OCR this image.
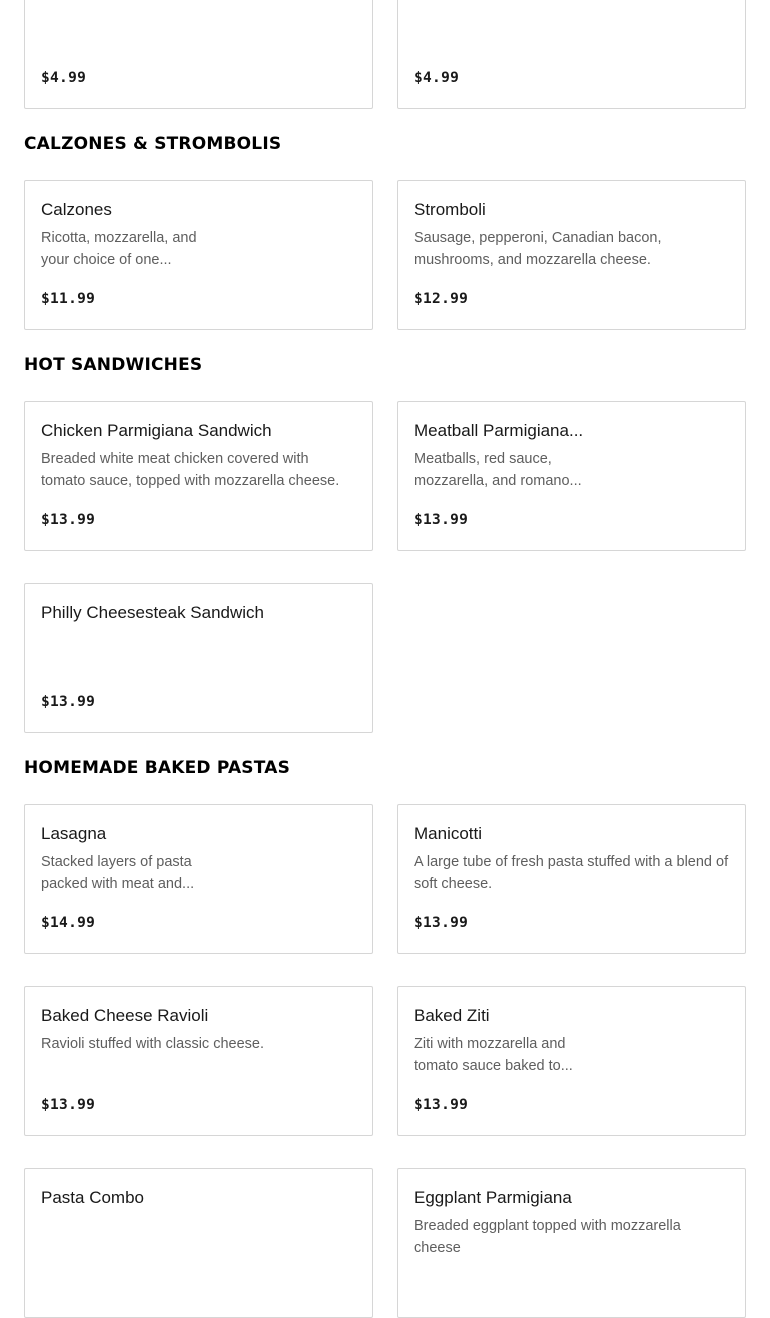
$4.99	$4.99
CALZONES & STROMBOLIS
Calzones
Ricotta, mozzarella, and your choice of one...
$11.99
Stromboli
Sausage, pepperoni, Canadian bacon, mushrooms, and mozzarella cheese.
$12.99
HOT SANDWICHES
Chicken Parmigiana Sandwich
Breaded white meat chicken covered with tomato sauce, topped with mozzarella cheese.
$13.99
Meatball Parmigiana...
Meatballs, red sauce, mozzarella, and romano...
$13.99
Philly Cheesesteak Sandwich
$13.99
HOMEMADE BAKED PASTAS
Lasagna
Stacked layers of pasta packed with meat and...
$14.99
Manicotti
A large tube of fresh pasta stuffed with a blend of soft cheese.
$13.99
Baked Cheese Ravioli
Ravioli stuffed with classic cheese.
$13.99
Baked Ziti
Ziti with mozzarella and tomato sauce baked to...
$13.99
Pasta Combo	Eggplant Parmigiana
Breaded eggplant topped with mozzarella cheese
